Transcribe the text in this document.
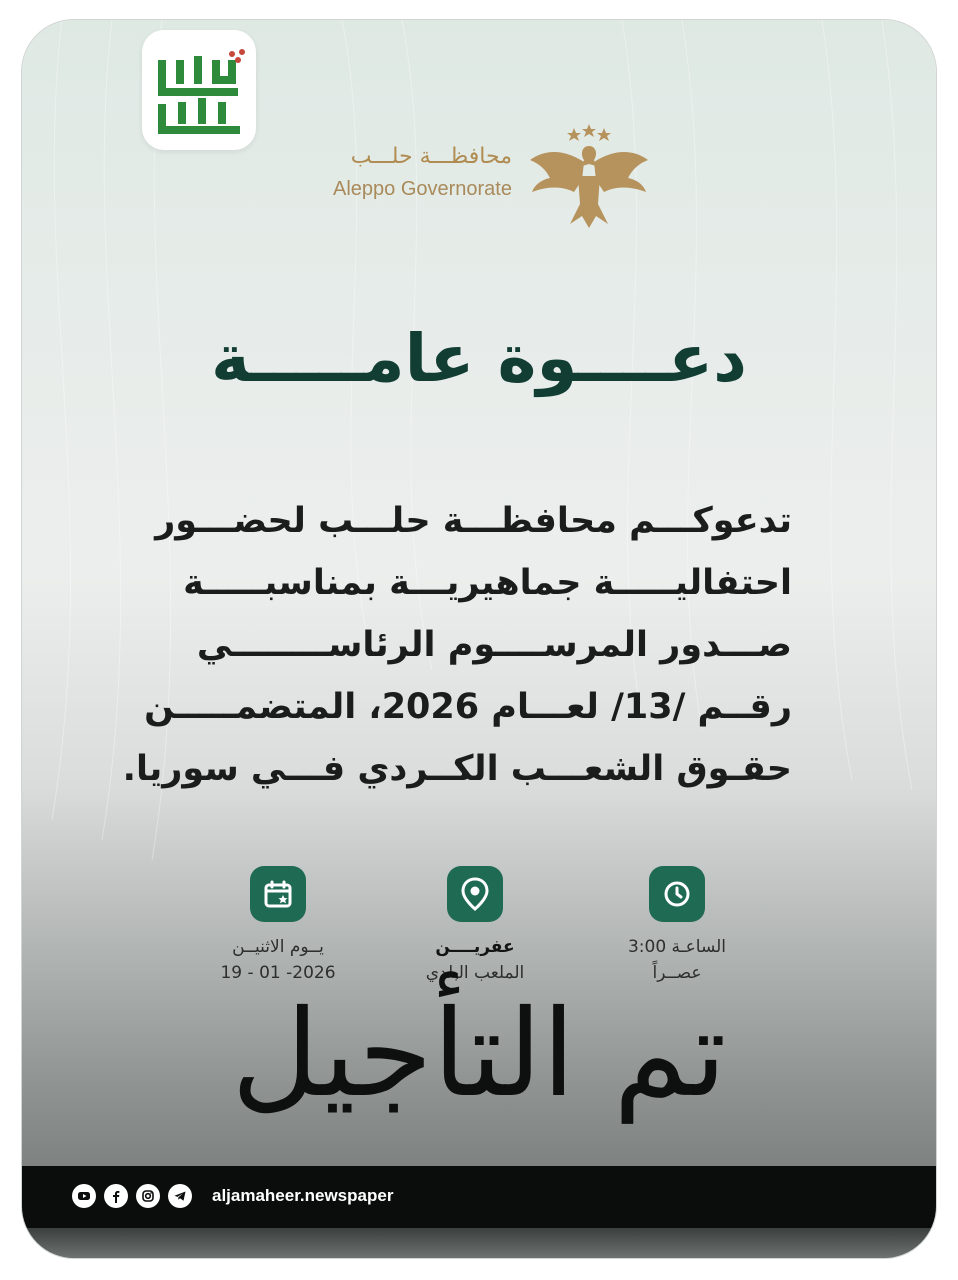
محافظـــة حلـــب
Aleppo Governorate
دعــــوة عامـــــة
تدعوكـــم محافظـــة حلـــب لحضـــور
احتفاليـــــة جماهيريـــة بمناسبـــــة
صـــدور المرســــوم الرئاســــــــي
رقــم /13/ لعـــام 2026، المتضمـــــن
حقـوق الشعـــب الكــردي فـــي سوريا.
الساعـة 3:00
عصــراً
عفريــــن
الملعب البلدي
يــوم الاثنيــن
2026- 01 - 19
تم التأجيل
aljamaheer.newspaper
